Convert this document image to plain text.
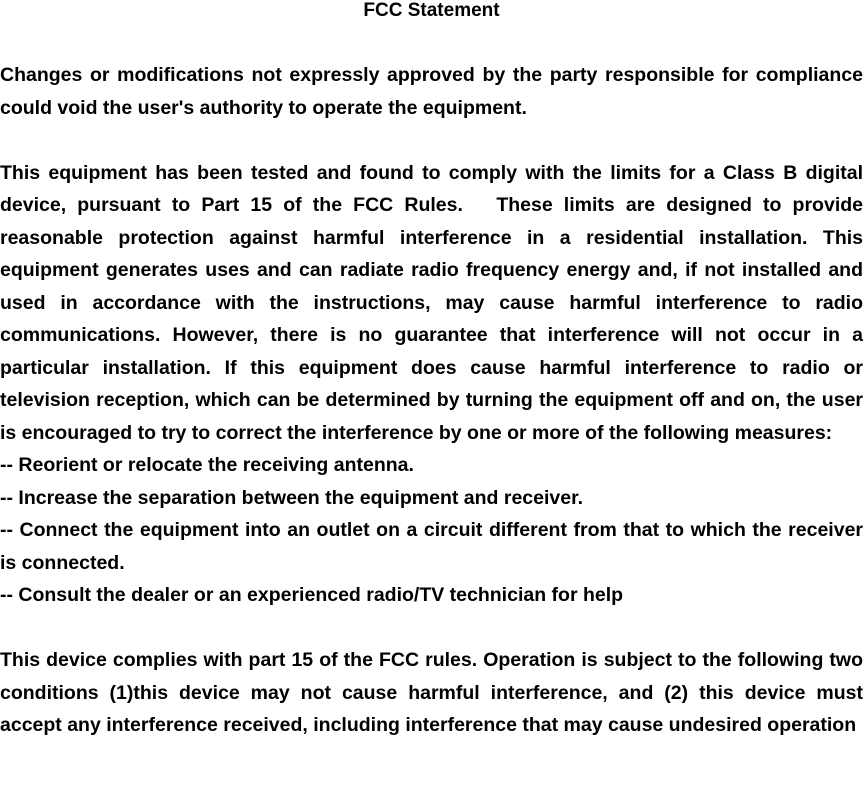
FCC Statement

Changes or modifications not expressly approved by the party responsible for compliance could void the user's authority to operate the equipment.

This equipment has been tested and found to comply with the limits for a Class B digital device, pursuant to Part 15 of the FCC Rules.   These limits are designed to provide reasonable protection against harmful interference in a residential installation. This equipment generates uses and can radiate radio frequency energy and, if not installed and used in accordance with the instructions, may cause harmful interference to radio communications. However, there is no guarantee that interference will not occur in a particular installation. If this equipment does cause harmful interference to radio or television reception, which can be determined by turning the equipment off and on, the user is encouraged to try to correct the interference by one or more of the following measures:

-- Reorient or relocate the receiving antenna.

-- Increase the separation between the equipment and receiver.

-- Connect the equipment into an outlet on a circuit different from that to which the receiver is connected.

-- Consult the dealer or an experienced radio/TV technician for help

This device complies with part 15 of the FCC rules. Operation is subject to the following two conditions (1)this device may not cause harmful interference, and (2) this device must accept any interference received, including interference that may cause undesired operation
